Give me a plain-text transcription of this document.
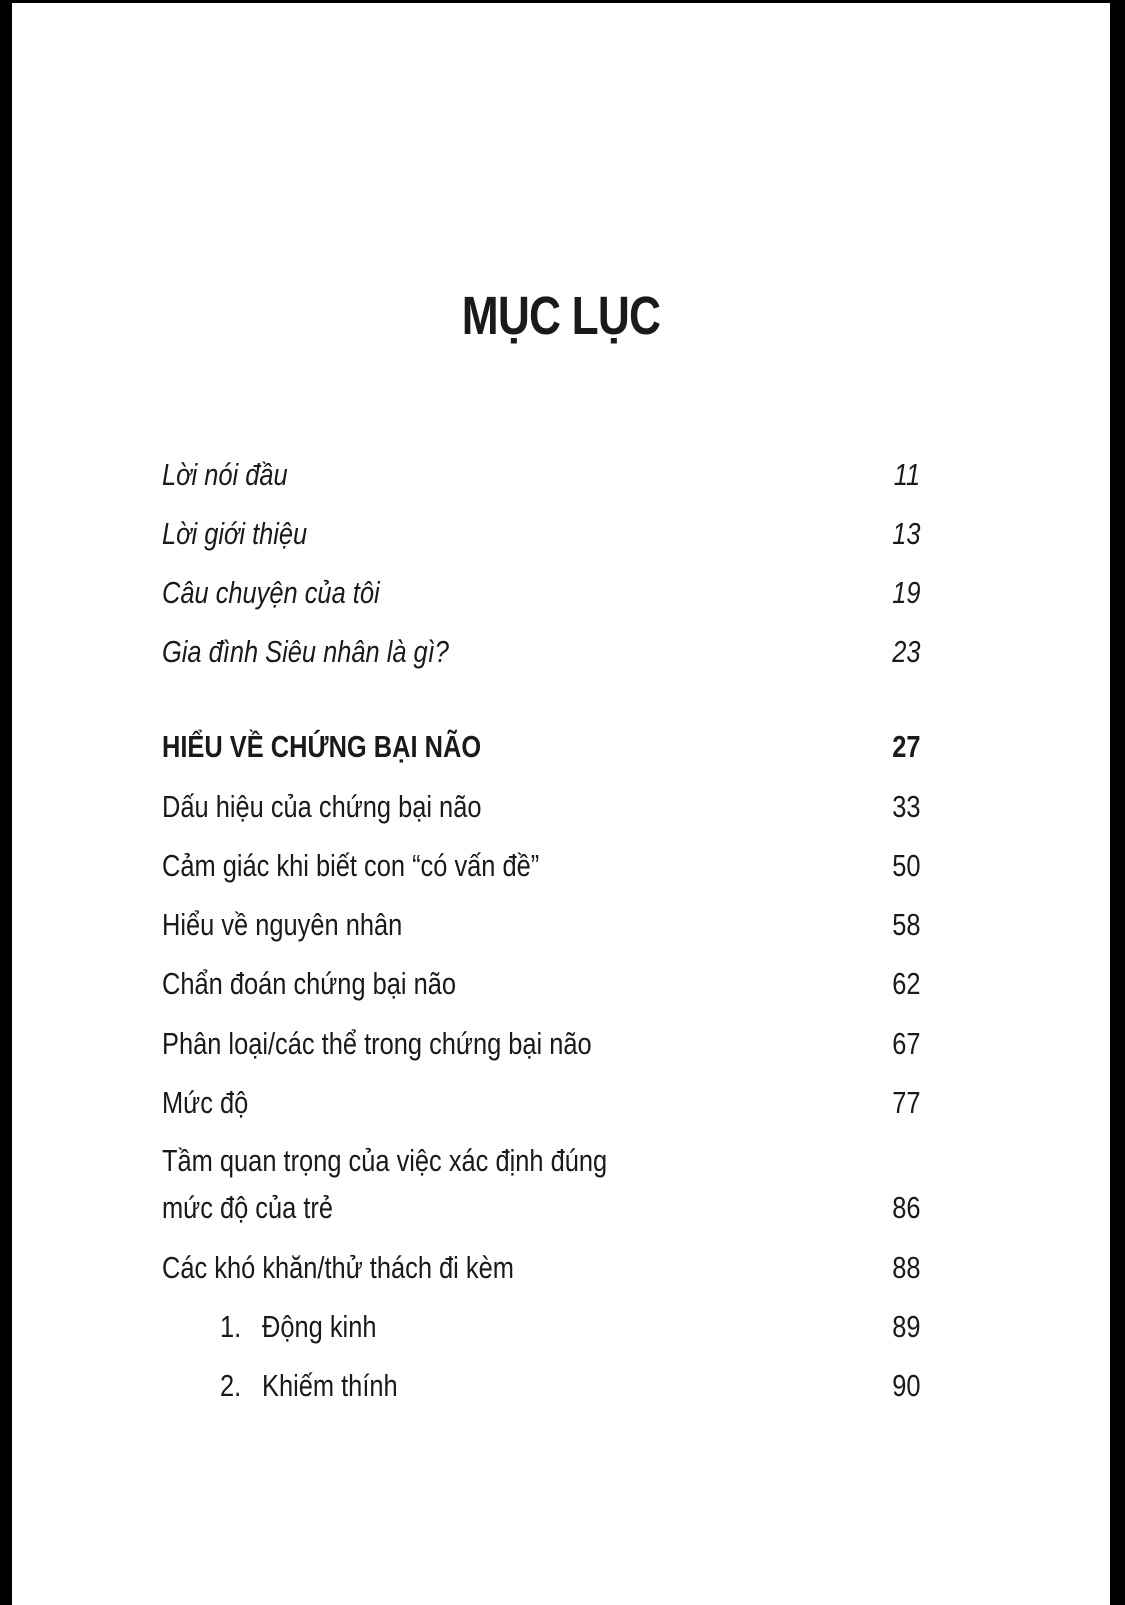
MỤC LỤC
Lời nói đầu	11
Lời giới thiệu	13
Câu chuyện của tôi	19
Gia đình Siêu nhân là gì?	23
HIỂU VỀ CHỨNG BẠI NÃO	27
Dấu hiệu của chứng bại não	33
Cảm giác khi biết con “có vấn đề”	50
Hiểu về nguyên nhân	58
Chẩn đoán chứng bại não	62
Phân loại/các thể trong chứng bại não	67
Mức độ	77
Tầm quan trọng của việc xác định đúng
mức độ của trẻ	86
Các khó khăn/thử thách đi kèm	88
1. Động kinh	89
2. Khiếm thính	90
